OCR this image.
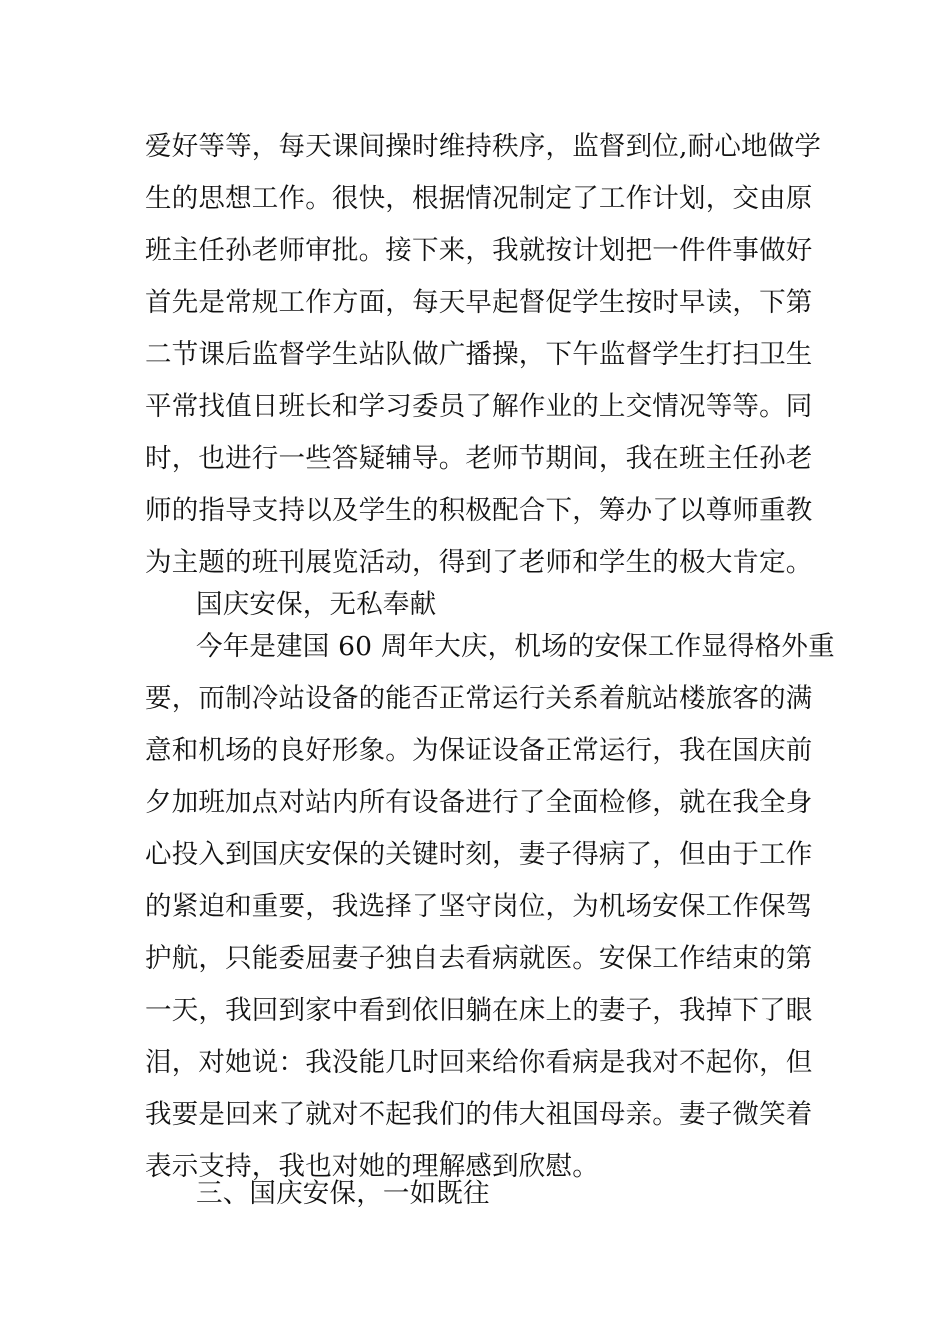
爱好等等，每天课间操时维持秩序，监督到位,耐心地做学
生的思想工作。很快，根据情况制定了工作计划，交由原
班主任孙老师审批。接下来，我就按计划把一件件事做好
首先是常规工作方面，每天早起督促学生按时早读，下第
二节课后监督学生站队做广播操，下午监督学生打扫卫生
平常找值日班长和学习委员了解作业的上交情况等等。同
时，也进行一些答疑辅导。老师节期间，我在班主任孙老
师的指导支持以及学生的积极配合下，筹办了以尊师重教
为主题的班刊展览活动，得到了老师和学生的极大肯定。
国庆安保，无私奉献
今年是建国 60 周年大庆，机场的安保工作显得格外重
要，而制冷站设备的能否正常运行关系着航站楼旅客的满
意和机场的良好形象。为保证设备正常运行，我在国庆前
夕加班加点对站内所有设备进行了全面检修，就在我全身
心投入到国庆安保的关键时刻，妻子得病了，但由于工作
的紧迫和重要，我选择了坚守岗位，为机场安保工作保驾
护航，只能委屈妻子独自去看病就医。安保工作结束的第
一天，我回到家中看到依旧躺在床上的妻子，我掉下了眼
泪，对她说：我没能几时回来给你看病是我对不起你，但
我要是回来了就对不起我们的伟大祖国母亲。妻子微笑着
表示支持，我也对她的理解感到欣慰。
三、国庆安保，一如既往
